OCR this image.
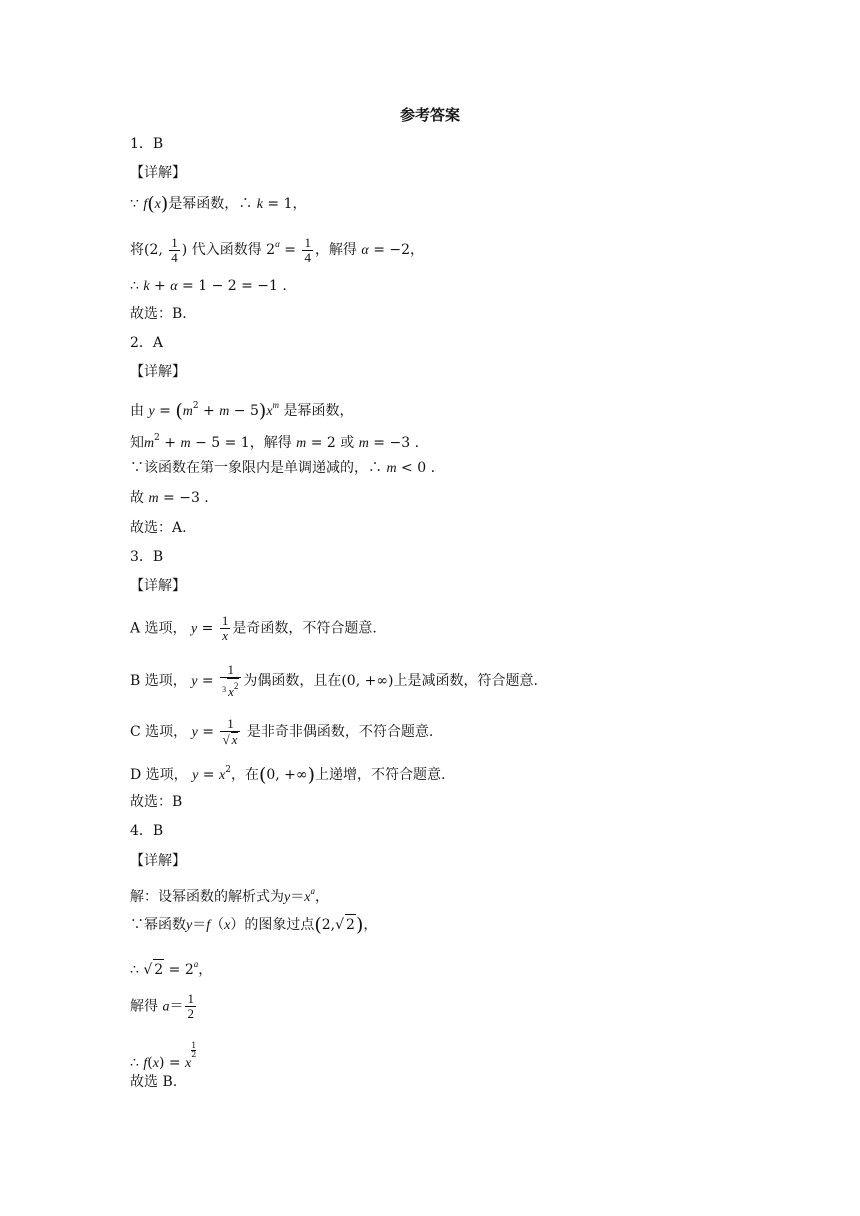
参考答案
1．B
【详解】
∵ f(x)是幂函数，∴ k = 1，
将(2, $\frac{1}{4}$ ) 代入函数得 $2^\alpha = \frac{1}{4}$ ，解得 α = −2，
∴ k + α = 1 − 2 = −1 .
故选：B.
2．A
【详解】
由 $y = (m^2 + m - 5)x^m$ 是幂函数，
知$m^2 + m - 5 = 1$，解得 m = 2 或 m = −3 .
∵该函数在第一象限内是单调递减的，∴ m < 0 .
故 m = −3 .
故选：A.
3．B
【详解】
A 选项， $y = \frac{1}{x}$ 是奇函数，不符合题意.
B 选项， $y = \frac{1}{^3 x^2}$ 为偶函数，且在(0, +∞)上是减函数，符合题意.
C 选项， $y = \frac{1}{√ x}$ 是非奇非偶函数，不符合题意.
D 选项， $y = x^2$，在(0, +∞)上递增，不符合题意.
故选：B
4．B
【详解】
解：设幂函数的解析式为$y=x^a$，
∵幂函数y＝f（x）的图象过点(2,√ 2)，
∴ √ $2 = 2^a$，
解得 $a= \frac{1}{2}$
∴ f(x) = x
$\frac{1}{2}$
故选 B.
